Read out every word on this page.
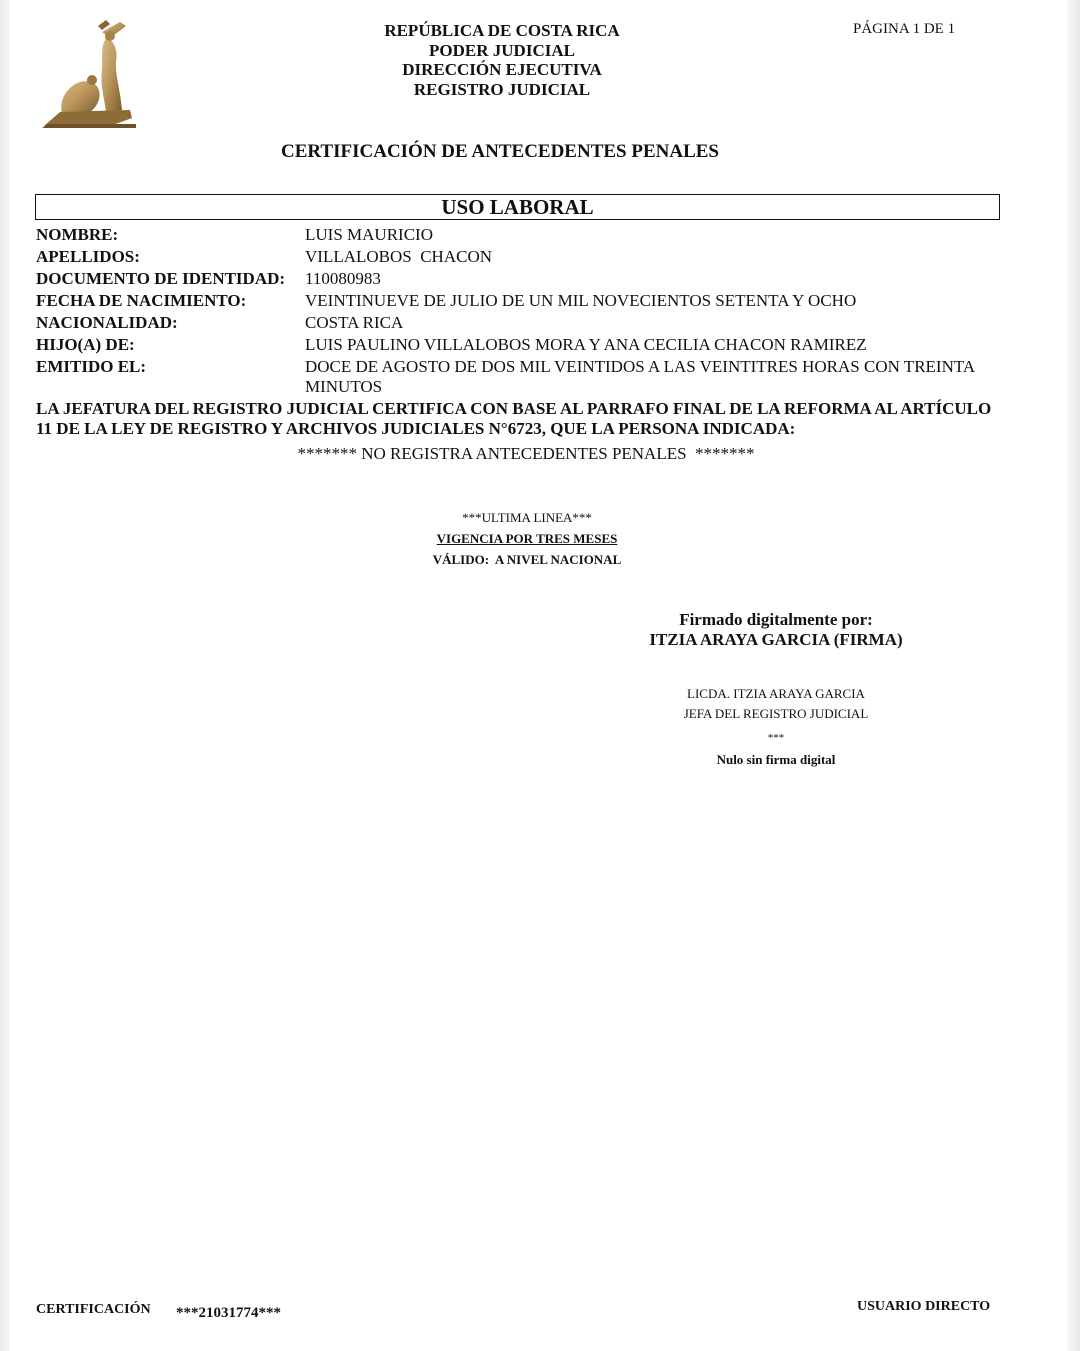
REPÚBLICA DE COSTA RICA
PODER JUDICIAL
DIRECCIÓN EJECUTIVA
REGISTRO JUDICIAL
PÁGINA 1 DE 1
CERTIFICACIÓN DE ANTECEDENTES PENALES
USO LABORAL
NOMBRE:	LUIS MAURICIO
APELLIDOS:	VILLALOBOS  CHACON
DOCUMENTO DE IDENTIDAD: 110080983
FECHA DE NACIMIENTO:	VEINTINUEVE DE JULIO DE UN MIL NOVECIENTOS SETENTA Y OCHO
NACIONALIDAD:	COSTA RICA
HIJO(A) DE:	LUIS PAULINO VILLALOBOS MORA Y ANA CECILIA CHACON RAMIREZ
EMITIDO EL:	DOCE DE AGOSTO DE DOS MIL VEINTIDOS A LAS VEINTITRES HORAS CON TREINTA MINUTOS
LA JEFATURA DEL REGISTRO JUDICIAL CERTIFICA CON BASE AL PARRAFO FINAL DE LA REFORMA AL ARTÍCULO 11 DE LA LEY DE REGISTRO Y ARCHIVOS JUDICIALES N°6723, QUE LA PERSONA INDICADA:
******* NO REGISTRA ANTECEDENTES PENALES  *******
***ULTIMA LINEA***
VIGENCIA POR TRES MESES
VÁLIDO:  A NIVEL NACIONAL
Firmado digitalmente por:
ITZIA ARAYA GARCIA (FIRMA)
LICDA. ITZIA ARAYA GARCIA
JEFA DEL REGISTRO JUDICIAL
***
Nulo sin firma digital
CERTIFICACIÓN ***21031774***	USUARIO DIRECTO
